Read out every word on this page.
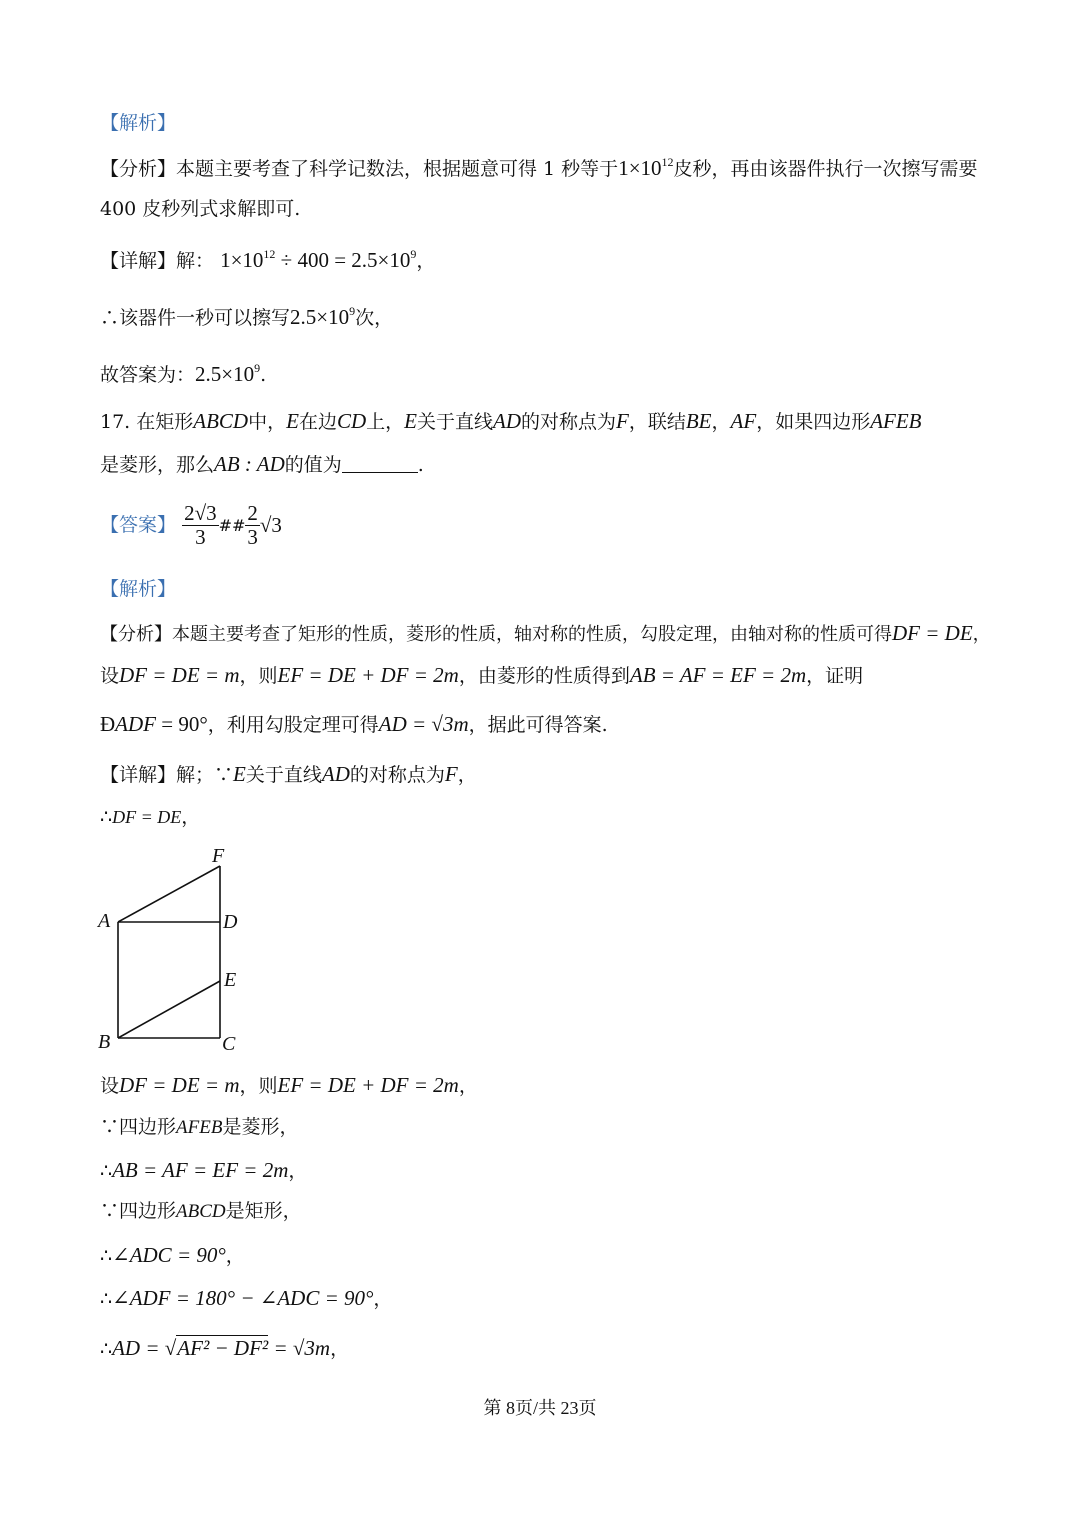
【解析】
【分析】本题主要考查了科学记数法，根据题意可得 1 秒等于$1\times 10^{12}$皮秒，再由该器件执行一次擦写需要
400 皮秒列式求解即可.
【详解】解： $1\times 10^{12} \div 400 = 2.5\times 10^9$，
∴该器件一秒可以擦写$2.5\times 10^9$次，
故答案为：$2.5\times 10^9$.
17. 在矩形ABCD中，E在边CD上，E关于直线AD的对称点为F，联结BE，AF，如果四边形AFEB
是菱形，那么AB : AD的值为	.
【答案】 $\frac{2√3}{3}$ ## $\frac{2}{3} √3$
【解析】
【分析】本题主要考查了矩形的性质，菱形的性质，轴对称的性质，勾股定理，由轴对称的性质可得DF = DE，
设DF = DE = m，则EF = DE + DF = 2m，由菱形的性质得到AB = AF = EF = 2m，证明
ÐADF = 90°，利用勾股定理可得AD = √3m，据此可得答案.
【详解】解；∵E关于直线AD的对称点为F，
∴DF = DE，
F
A	D
E
B	C
设DF = DE = m，则EF = DE + DF = 2m，
∵四边形AFEB是菱形，
∴AB = AF = EF = 2m，
∵四边形ABCD是矩形，
∴∠ADC = 90°，
∴∠ADF = 180° − ∠ADC = 90°，
∴AD = √AF² − DF² = √3m，
第 8页/共 23页
